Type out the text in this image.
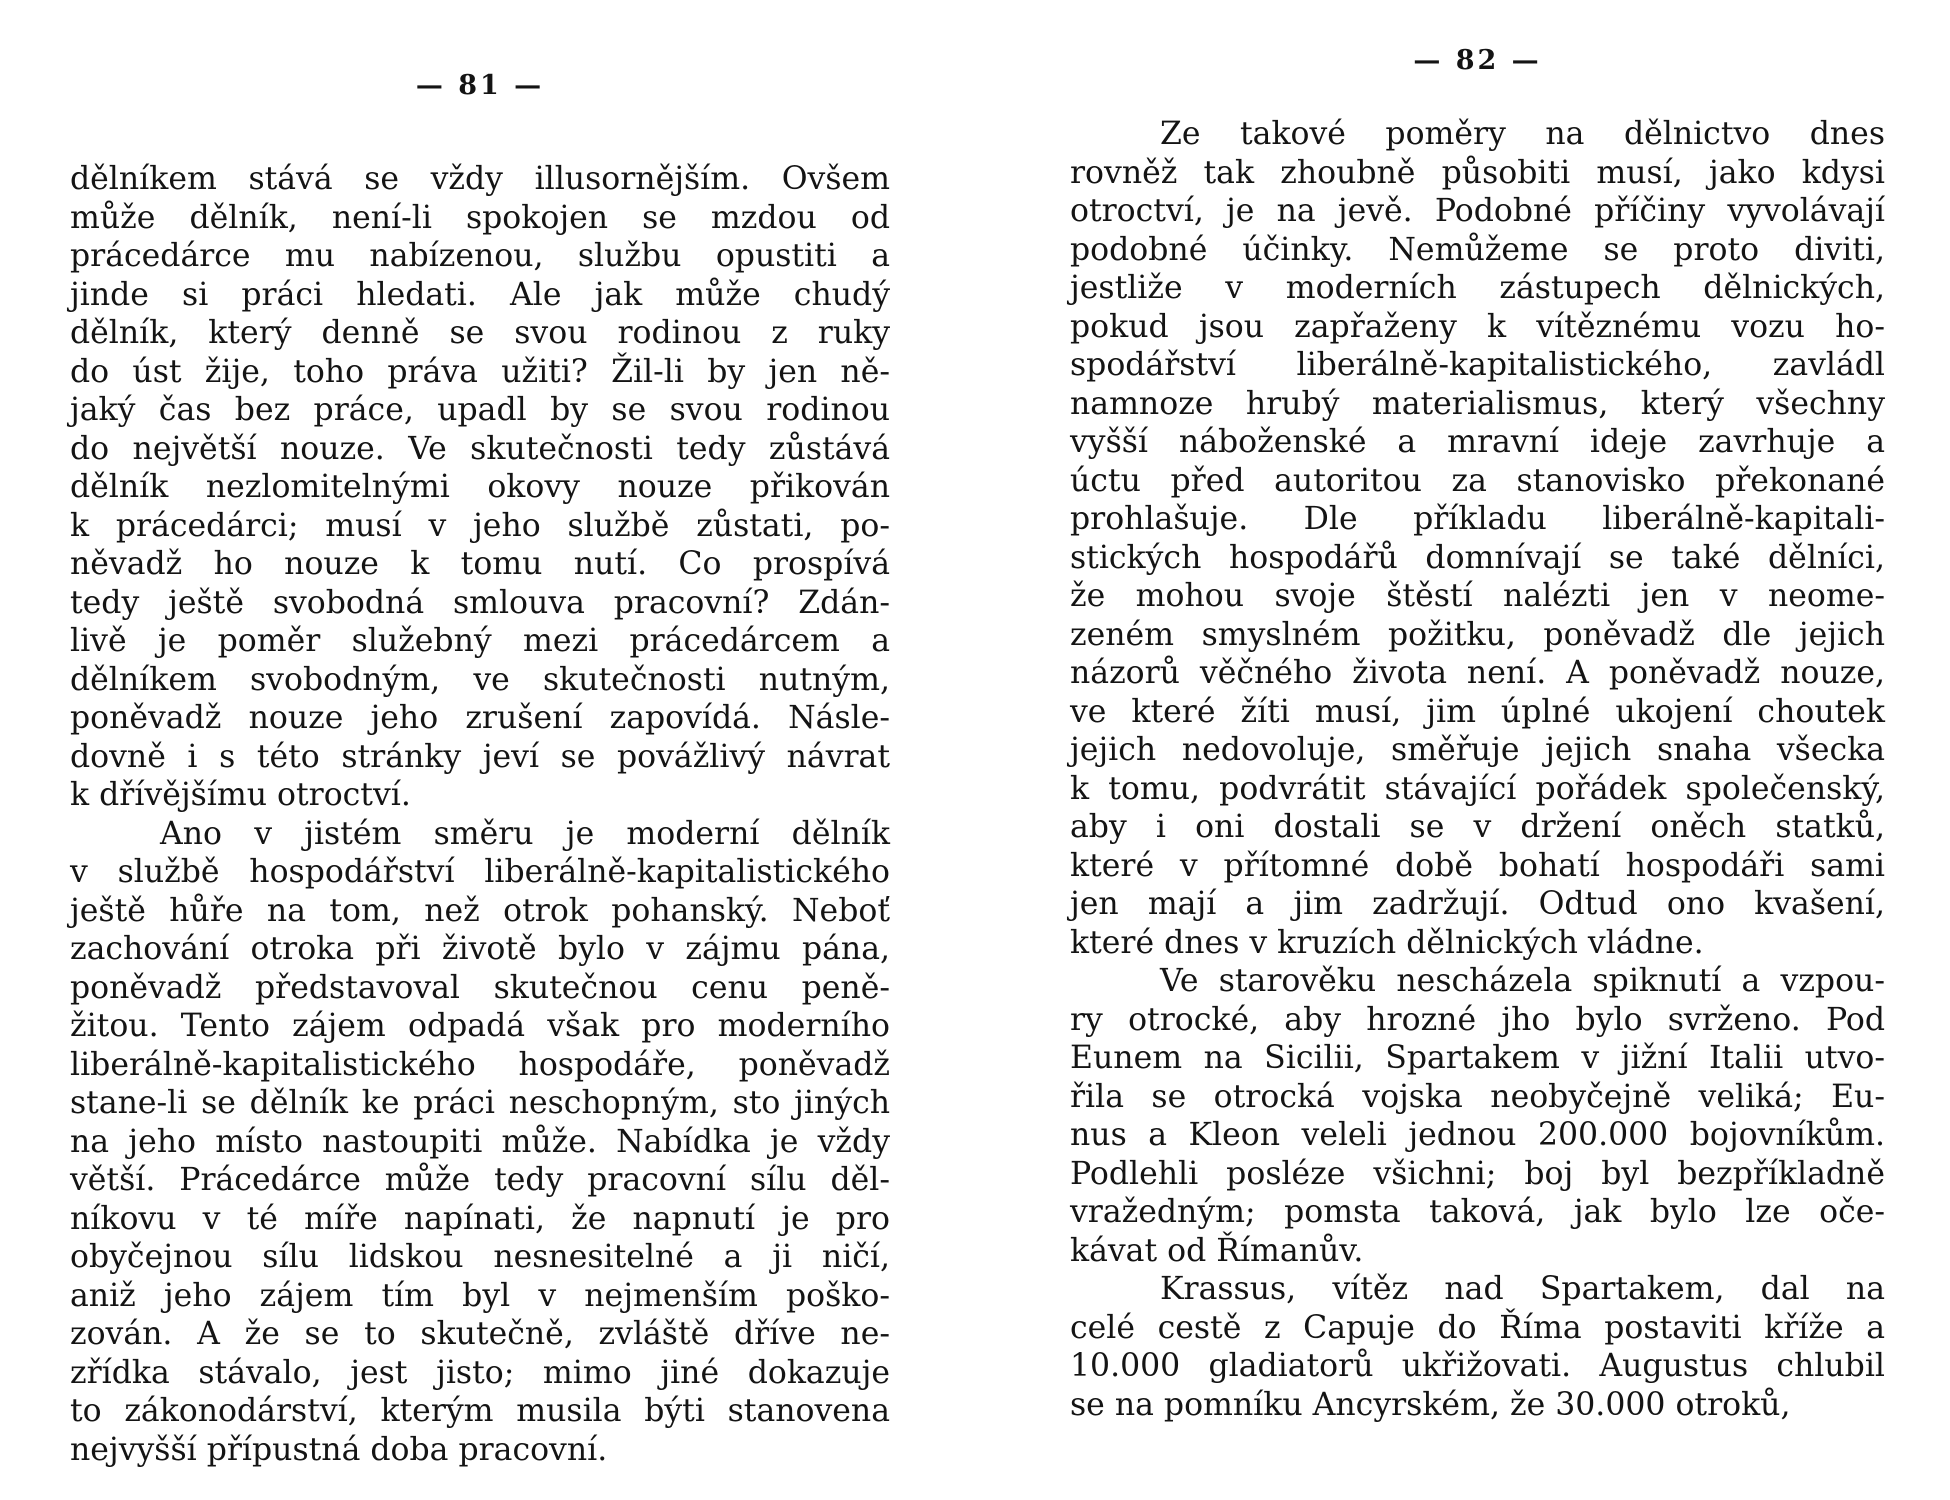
— 81 —
dělníkem stává se vždy illusornějším. Ovšem
může dělník, není-li spokojen se mzdou od
prácedárce mu nabízenou, službu opustiti a
jinde si práci hledati. Ale jak může chudý
dělník, který denně se svou rodinou z ruky
do úst žije, toho práva užiti? Žil-li by jen ně-
jaký čas bez práce, upadl by se svou rodinou
do největší nouze. Ve skutečnosti tedy zůstává
dělník nezlomitelnými okovy nouze přikován
k prácedárci; musí v jeho službě zůstati, po-
něvadž ho nouze k tomu nutí. Co prospívá
tedy ještě svobodná smlouva pracovní? Zdán-
livě je poměr služebný mezi prácedárcem a
dělníkem svobodným, ve skutečnosti nutným,
poněvadž nouze jeho zrušení zapovídá. Násle-
dovně i s této stránky jeví se povážlivý návrat
k dřívějšímu otroctví.
Ano v jistém směru je moderní dělník
v službě hospodářství liberálně-kapitalistického
ještě hůře na tom, než otrok pohanský. Neboť
zachování otroka při životě bylo v zájmu pána,
poněvadž představoval skutečnou cenu peně-
žitou. Tento zájem odpadá však pro moderního
liberálně-kapitalistického hospodáře, poněvadž
stane-li se dělník ke práci neschopným, sto jiných
na jeho místo nastoupiti může. Nabídka je vždy
větší. Prácedárce může tedy pracovní sílu děl-
níkovu v té míře napínati, že napnutí je pro
obyčejnou sílu lidskou nesnesitelné a ji ničí,
aniž jeho zájem tím byl v nejmenším poško-
zován. A že se to skutečně, zvláště dříve ne-
zřídka stávalo, jest jisto; mimo jiné dokazuje
to zákonodárství, kterým musila býti stanovena
nejvyšší přípustná doba pracovní.
— 82 —
Ze takové poměry na dělnictvo dnes
rovněž tak zhoubně působiti musí, jako kdysi
otroctví, je na jevě. Podobné příčiny vyvolávají
podobné účinky. Nemůžeme se proto diviti,
jestliže v moderních zástupech dělnických,
pokud jsou zapřaženy k vítěznému vozu ho-
spodářství liberálně-kapitalistického, zavládl
namnoze hrubý materialismus, který všechny
vyšší náboženské a mravní ideje zavrhuje a
úctu před autoritou za stanovisko překonané
prohlašuje. Dle příkladu liberálně-kapitali-
stických hospodářů domnívají se také dělníci,
že mohou svoje štěstí nalézti jen v neome-
zeném smyslném požitku, poněvadž dle jejich
názorů věčného života není. A poněvadž nouze,
ve které žíti musí, jim úplné ukojení choutek
jejich nedovoluje, směřuje jejich snaha všecka
k tomu, podvrátit stávající pořádek společenský,
aby i oni dostali se v držení oněch statků,
které v přítomné době bohatí hospodáři sami
jen mají a jim zadržují. Odtud ono kvašení,
které dnes v kruzích dělnických vládne.
Ve starověku nescházela spiknutí a vzpou-
ry otrocké, aby hrozné jho bylo svrženo. Pod
Eunem na Sicilii, Spartakem v jižní Italii utvo-
řila se otrocká vojska neobyčejně veliká; Eu-
nus a Kleon veleli jednou 200.000 bojovníkům.
Podlehli posléze všichni; boj byl bezpříkladně
vražedným; pomsta taková, jak bylo lze oče-
kávat od Římanův.
Krassus, vítěz nad Spartakem, dal na
celé cestě z Capuje do Říma postaviti kříže a
10.000 gladiatorů ukřižovati. Augustus chlubil
se na pomníku Ancyrském, že 30.000 otroků,
